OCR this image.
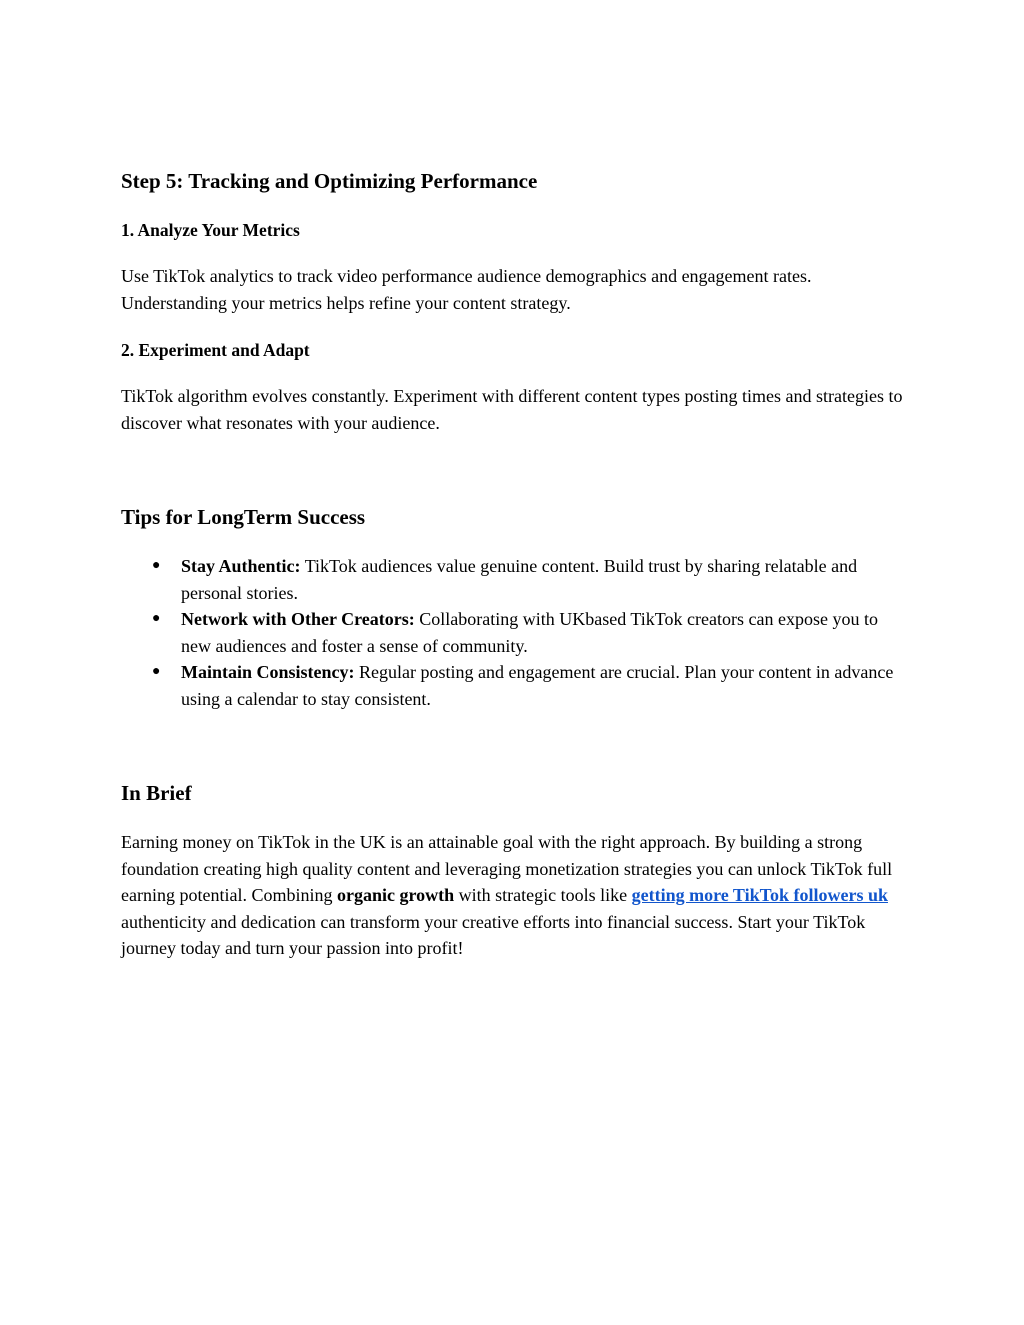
Step 5: Tracking and Optimizing Performance
1. Analyze Your Metrics

Use TikTok analytics to track video performance audience demographics and engagement rates. Understanding your metrics helps refine your content strategy.

2. Experiment and Adapt

TikTok algorithm evolves constantly. Experiment with different content types posting times and strategies to discover what resonates with your audience.

Tips for LongTerm Success
● Stay Authentic: TikTok audiences value genuine content. Build trust by sharing relatable and personal stories.
● Network with Other Creators: Collaborating with UKbased TikTok creators can expose you to new audiences and foster a sense of community.
● Maintain Consistency: Regular posting and engagement are crucial. Plan your content in advance using a calendar to stay consistent.
In Brief

Earning money on TikTok in the UK is an attainable goal with the right approach. By building a strong foundation creating high quality content and leveraging monetization strategies you can unlock TikTok full earning potential. Combining organic growth with strategic tools like getting more TikTok followers uk authenticity and dedication can transform your creative efforts into financial success. Start your TikTok journey today and turn your passion into profit!
